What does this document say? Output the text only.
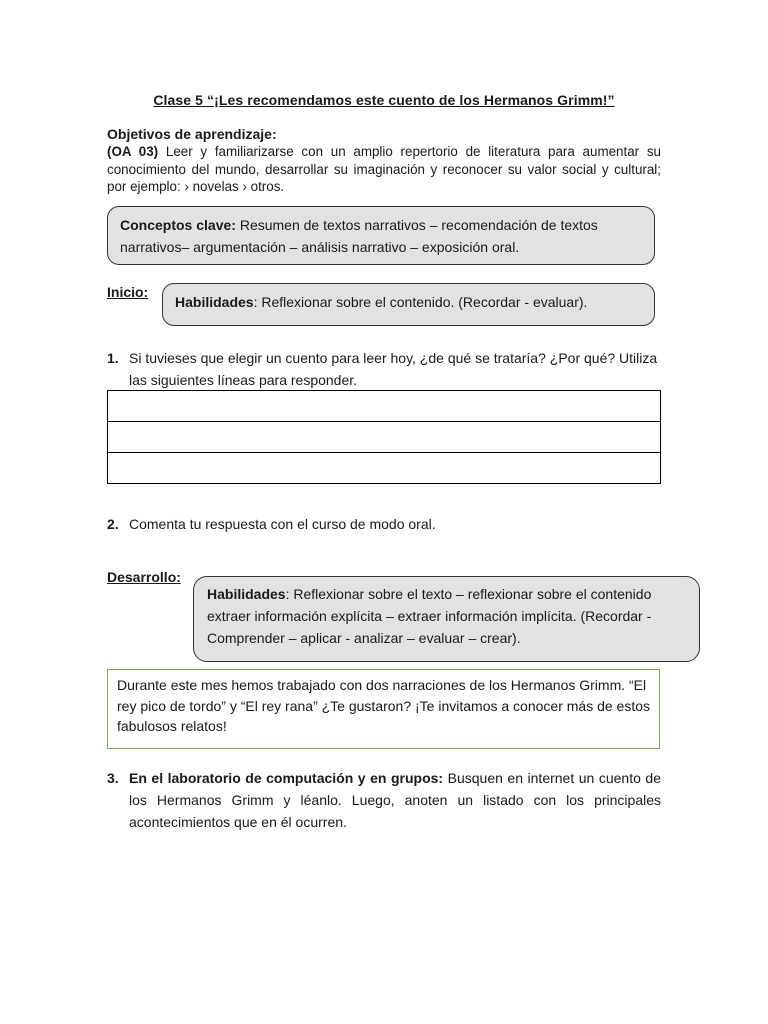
Clase 5 “¡Les recomendamos este cuento de los Hermanos Grimm!”
Objetivos de aprendizaje:
(OA 03) Leer y familiarizarse con un amplio repertorio de literatura para aumentar su conocimiento del mundo, desarrollar su imaginación y reconocer su valor social y cultural; por ejemplo: › novelas › otros.
Conceptos clave: Resumen de textos narrativos – recomendación de textos narrativos– argumentación – análisis narrativo – exposición oral.
Inicio:
Habilidades: Reflexionar sobre el contenido. (Recordar - evaluar).
1. Si tuvieses que elegir un cuento para leer hoy, ¿de qué se trataría? ¿Por qué? Utiliza las siguientes líneas para responder.
2. Comenta tu respuesta con el curso de modo oral.
Desarrollo:
Habilidades: Reflexionar sobre el texto – reflexionar sobre el contenido extraer información explícita – extraer información implícita. (Recordar - Comprender – aplicar - analizar – evaluar – crear).
Durante este mes hemos trabajado con dos narraciones de los Hermanos Grimm. “El rey pico de tordo” y “El rey rana” ¿Te gustaron? ¡Te invitamos a conocer más de estos fabulosos relatos!
3. En el laboratorio de computación y en grupos: Busquen en internet un cuento de los Hermanos Grimm y léanlo. Luego, anoten un listado con los principales acontecimientos que en él ocurren.
